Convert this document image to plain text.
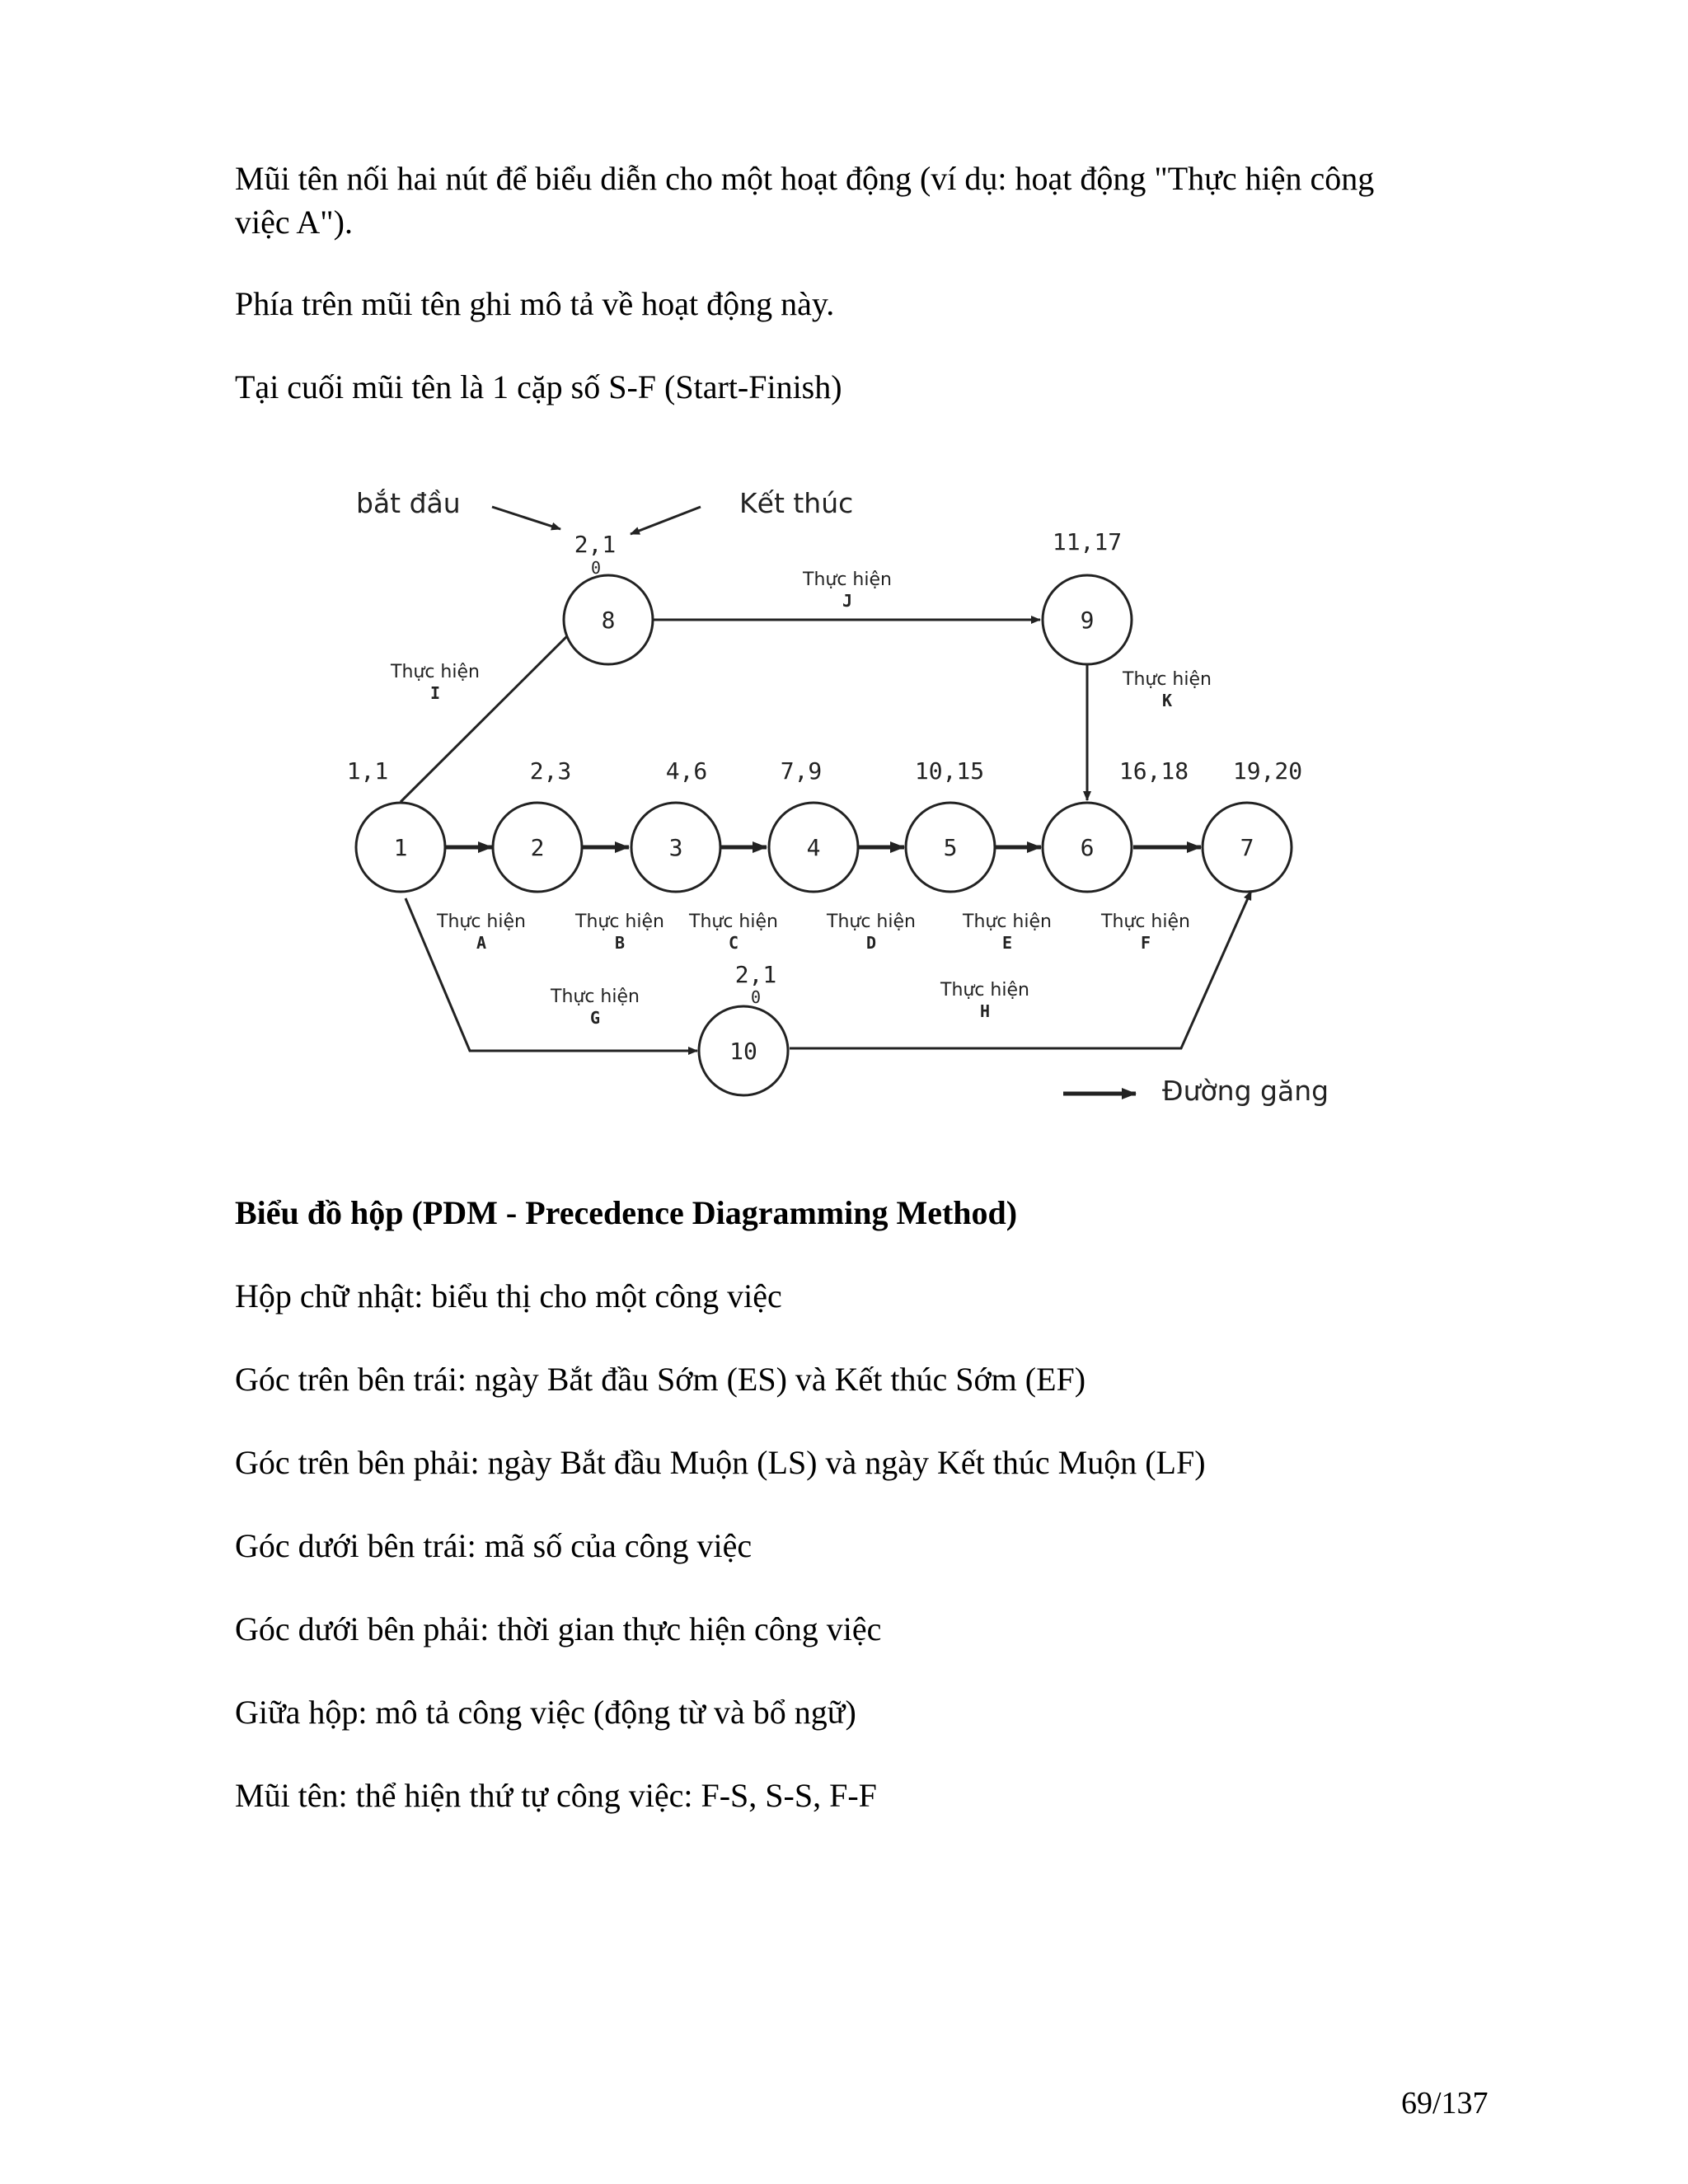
Mũi tên nối hai nút để biểu diễn cho một hoạt động (ví dụ: hoạt động "Thực hiện công

việc A").

Phía trên mũi tên ghi mô tả về hoạt động này.

Tại cuối mũi tên là 1 cặp số S-F (Start-Finish)

bắt đầu	Kết thúc
1	2	3	4	5	6	7
8	9
10
1,1	2,3	4,6	7,9	10,15	16,18 19,20
2,1
0
11,17
2,1
0
Thực hiện
A
Thực hiện
B
Thực hiện
C
Thực hiện
D
Thực hiện
E
Thực hiện
F
Thực hiện
G
Thực hiện
H
Thực hiện
I
Thực hiện
J
Thực hiện
K
Đường găng

Biểu đồ hộp (PDM - Precedence Diagramming Method)

Hộp chữ nhật: biểu thị cho một công việc

Góc trên bên trái: ngày Bắt đầu Sớm (ES) và Kết thúc Sớm (EF)

Góc trên bên phải: ngày Bắt đầu Muộn (LS) và ngày Kết thúc Muộn (LF)

Góc dưới bên trái: mã số của công việc

Góc dưới bên phải: thời gian thực hiện công việc

Giữa hộp: mô tả công việc (động từ và bổ ngữ)

Mũi tên: thể hiện thứ tự công việc: F-S, S-S, F-F

69/137
